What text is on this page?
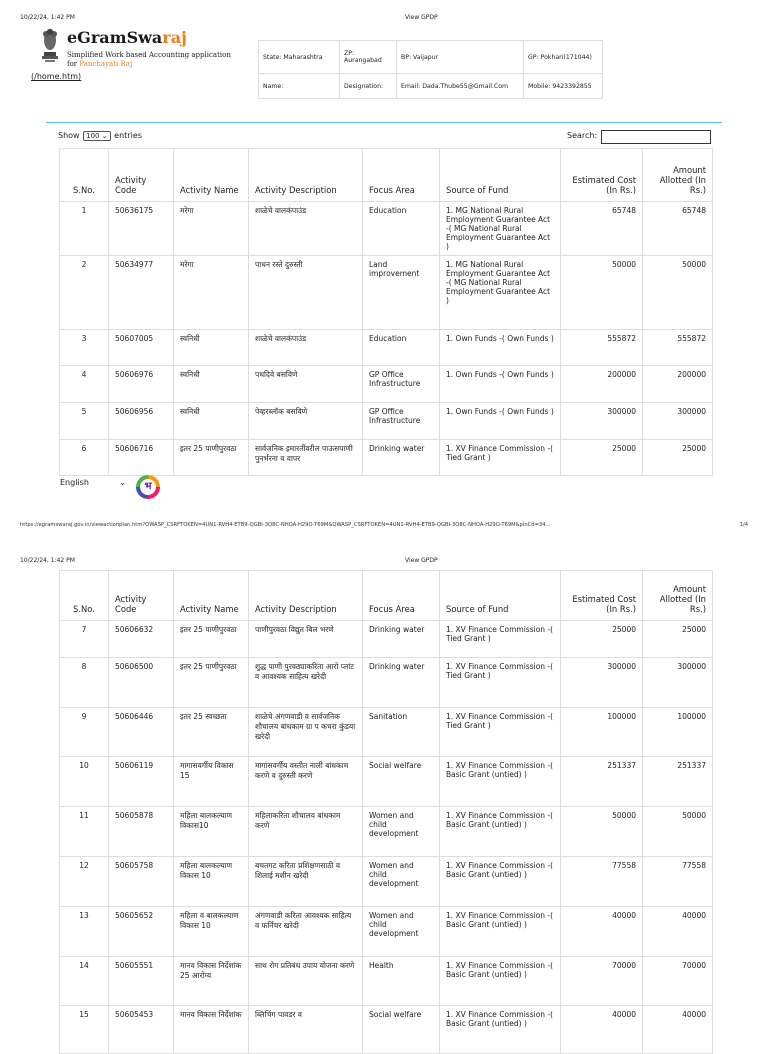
10/22/24, 1:42 PM	View GPDP
eGramSwaraj
Simplified Work based Accounting application
for Panchayati Raj
(/home.htm)
State: Maharashtra	ZP: Aurangabad	BP: Vaijapur	GP: Pokhari(171044)
Name:	Designation:	Email: Dada.Thube55@Gmail.Com	Mobile: 9423392855
Show 100 ⌄ entries	Search:
S.No.	Activity Code	Activity Name	Activity Description	Focus Area	Source of Fund	Estimated Cost (In Rs.)	Amount Allotted (In Rs.)
1	50636175	मरेगा	शाळेचे वालकंपाउंड	Education	1. MG National Rural Employment Guarantee Act -( MG National Rural Employment Guarantee Act )	65748	65748
2	50634977	मरेगा	पाधन रस्ते दुरुस्ती	Land improvement	1. MG National Rural Employment Guarantee Act -( MG National Rural Employment Guarantee Act )	50000	50000
3	50607005	स्वनिधी	शाळेचे वालकंपाउंड	Education	1. Own Funds -( Own Funds )	555872	555872
4	50606976	स्वनिधी	पथदिवे बसविणे	GP Office Infrastructure	1. Own Funds -( Own Funds )	200000	200000
5	50606956	स्वनिधी	पेव्हरब्लॉक बसविणे	GP Office Infrastructure	1. Own Funds -( Own Funds )	300000	300000
6	50606716	इतर 25 पाणीपुरवठा	सार्वजनिक इमारतींवरील पाऊसपाणी पुनर्भरना व वापर	Drinking water	1. XV Finance Commission -( Tied Grant )	25000	25000
English	⌄	भ
https://egramswaraj.gov.in/viewactionplan.htm?OWASP_CSRFTOKEN=4UN1-RVH4-ETB9-QGBI-3Q8C-NHOA-H29O-T69M&OWASP_CSRFTOKEN=4UN1-RVH4-ETB9-QGBI-3Q8C-NHOA-H29O-T69M&plnCd=34...	1/4
10/22/24, 1:42 PM	View GPDP
S.No.	Activity Code	Activity Name	Activity Description	Focus Area	Source of Fund	Estimated Cost (In Rs.)	Amount Allotted (In Rs.)
7	50606632	इतर 25 पाणीपुरवठा	पाणीपुरवठा विद्युत बिल भरणे	Drinking water	1. XV Finance Commission -( Tied Grant )	25000	25000
8	50606500	इतर 25 पाणीपुरवठा	शुद्ध पाणी पुरवठ्याकरिता आरो प्लांट व आवश्यक साहित्य खरेदी	Drinking water	1. XV Finance Commission -( Tied Grant )	300000	300000
9	50606446	इतर 25 स्वच्छता	शाळेचे अंगणवाडी व सार्वजनिक शौचालय बांधकाम ग्रा प कचरा कुंडया खरेदी	Sanitation	1. XV Finance Commission -( Tied Grant )	100000	100000
10	50606119	मागासवर्गीय विकास 15	मागासवर्गीय वस्तीत नाली बांधकाम करणे व दुरुस्ती करणे	Social welfare	1. XV Finance Commission -( Basic Grant (untied) )	251337	251337
11	50605878	महिला बालकल्याण विकास10	महिलाकरिता शौचालय बांधकाम करणे	Women and child development	1. XV Finance Commission -( Basic Grant (untied) )	50000	50000
12	50605758	महिला बालकल्याण विकास 10	बचतगट करिता प्रशिक्षणसाठी व शिलाई मशीन खरेदी	Women and child development	1. XV Finance Commission -( Basic Grant (untied) )	77558	77558
13	50605652	महिला व बालकल्याण विकास 10	अंगणवाडी करिता आवश्यक साहित्य व फर्निचर खरेदी	Women and child development	1. XV Finance Commission -( Basic Grant (untied) )	40000	40000
14	50605551	मानव विकास निर्देशांक 25 आरोग्य	साथ रोग प्रतिबंध उपाय योजना करणे	Health	1. XV Finance Commission -( Basic Grant (untied) )	70000	70000
15	50605453	मानव विकास निर्देशांक	ब्लिचिंग पावडर व	Social welfare	1. XV Finance Commission -( Basic Grant (untied) )	40000	40000
